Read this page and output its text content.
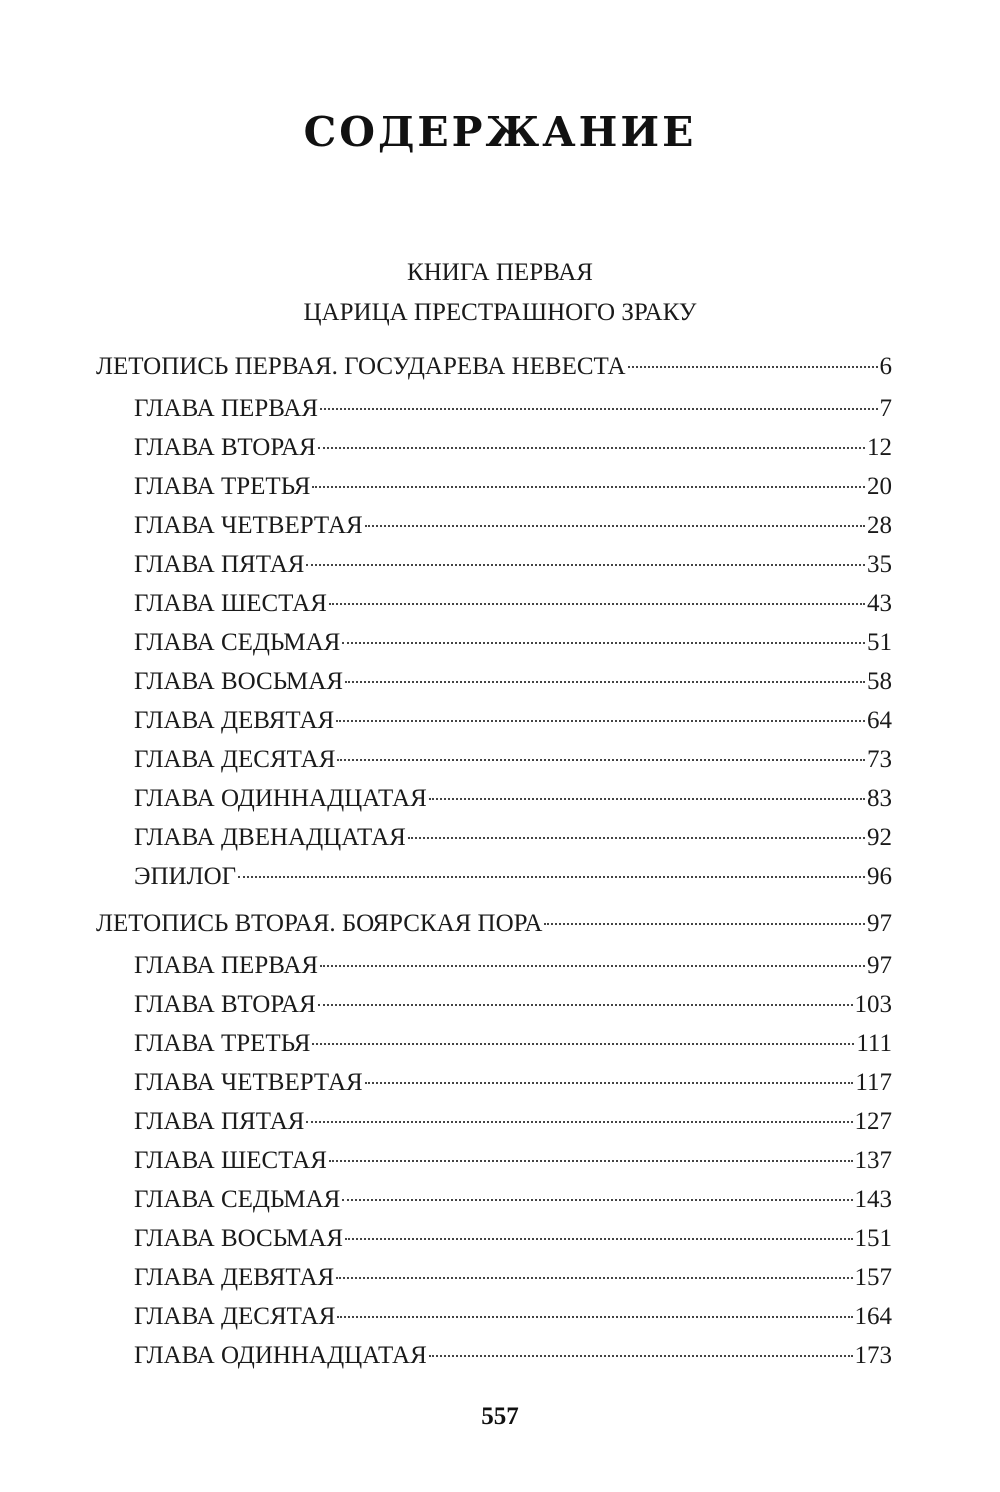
СОДЕРЖАНИЕ
КНИГА ПЕРВАЯ
ЦАРИЦА ПРЕСТРАШНОГО ЗРАКУ
ЛЕТОПИСЬ ПЕРВАЯ. ГОСУДАРЕВА НЕВЕСТА	6
ГЛАВА ПЕРВАЯ	7
ГЛАВА ВТОРАЯ	12
ГЛАВА ТРЕТЬЯ	20
ГЛАВА ЧЕТВЕРТАЯ	28
ГЛАВА ПЯТАЯ	35
ГЛАВА ШЕСТАЯ	43
ГЛАВА СЕДЬМАЯ	51
ГЛАВА ВОСЬМАЯ	58
ГЛАВА ДЕВЯТАЯ	64
ГЛАВА ДЕСЯТАЯ	73
ГЛАВА ОДИННАДЦАТАЯ	83
ГЛАВА ДВЕНАДЦАТАЯ	92
ЭПИЛОГ	96
ЛЕТОПИСЬ ВТОРАЯ. БОЯРСКАЯ ПОРА	97
ГЛАВА ПЕРВАЯ	97
ГЛАВА ВТОРАЯ	103
ГЛАВА ТРЕТЬЯ	111
ГЛАВА ЧЕТВЕРТАЯ	117
ГЛАВА ПЯТАЯ	127
ГЛАВА ШЕСТАЯ	137
ГЛАВА СЕДЬМАЯ	143
ГЛАВА ВОСЬМАЯ	151
ГЛАВА ДЕВЯТАЯ	157
ГЛАВА ДЕСЯТАЯ	164
ГЛАВА ОДИННАДЦАТАЯ	173
557
